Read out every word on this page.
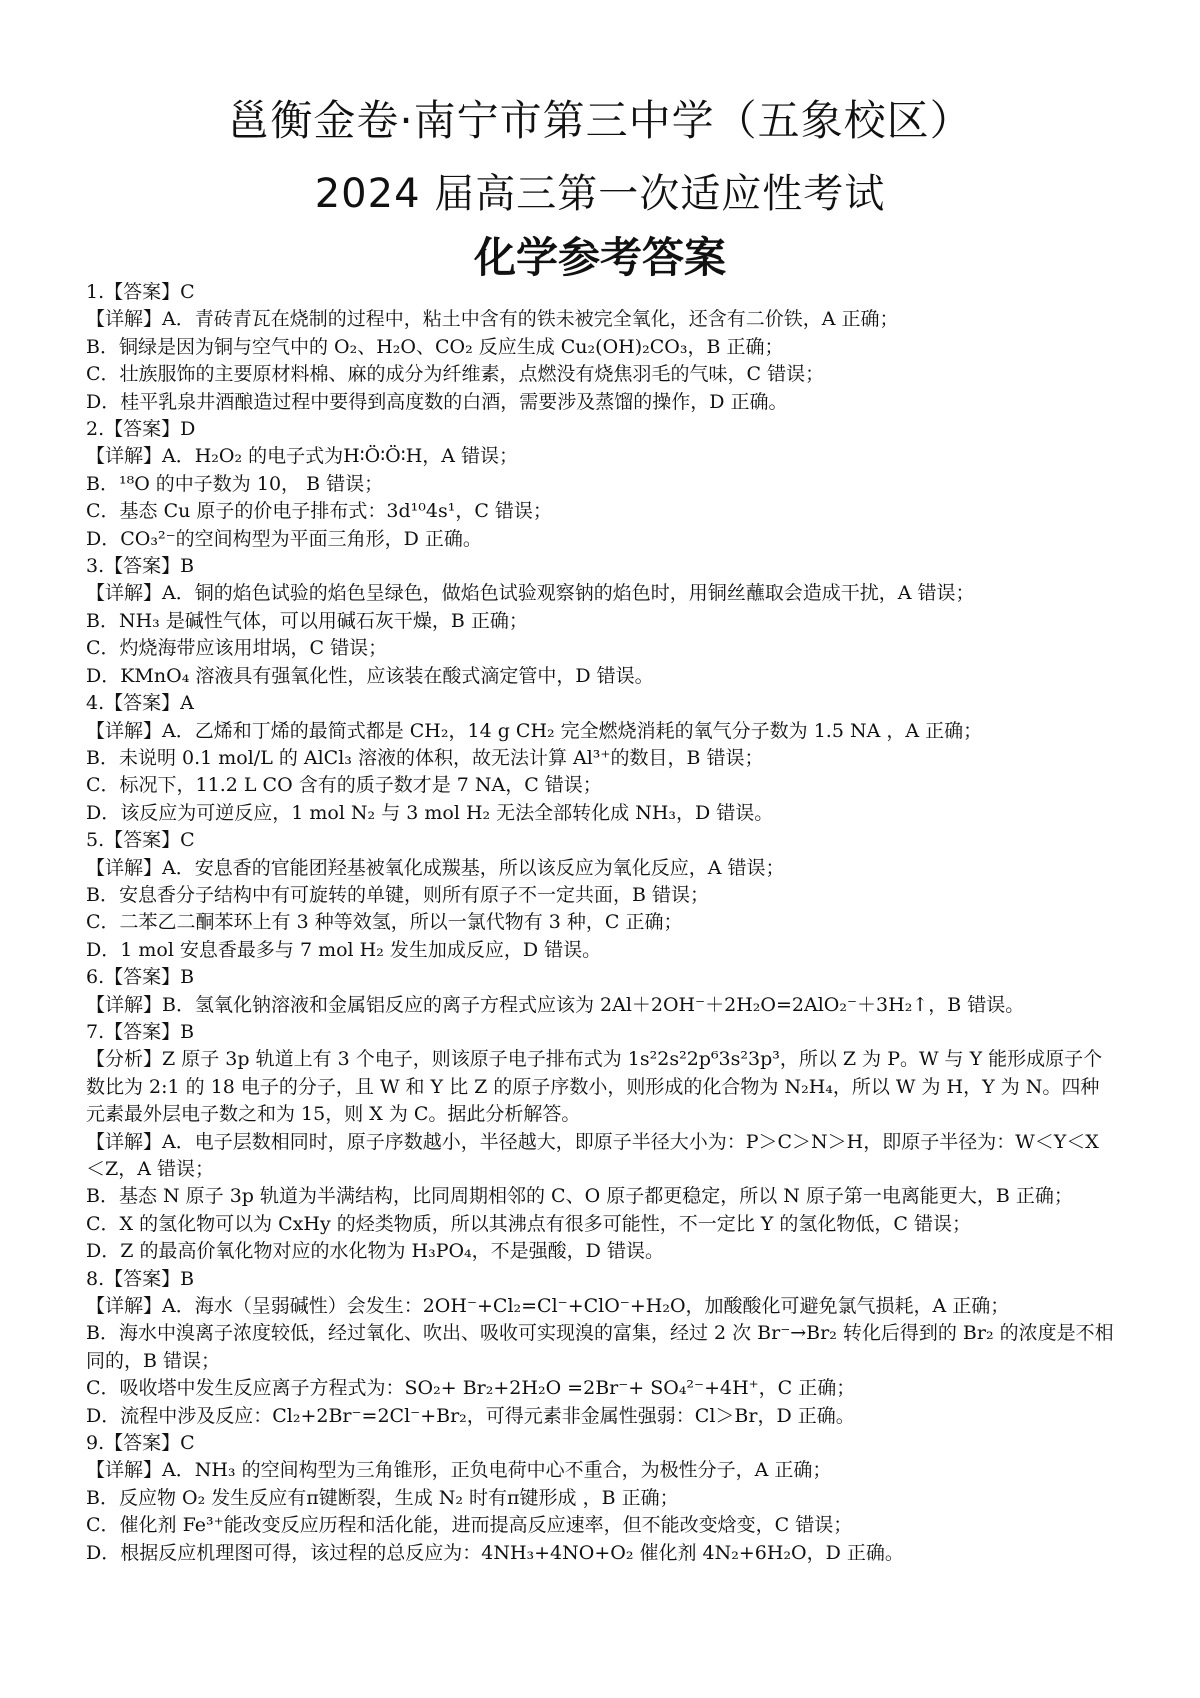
邕衡金卷·南宁市第三中学（五象校区）
2024 届高三第一次适应性考试
化学参考答案
1.【答案】C
【详解】A．青砖青瓦在烧制的过程中，粘土中含有的铁未被完全氧化，还含有二价铁，A 正确；
B．铜绿是因为铜与空气中的 O₂、H₂O、CO₂ 反应生成 Cu₂(OH)₂CO₃，B 正确；
C．壮族服饰的主要原材料棉、麻的成分为纤维素，点燃没有烧焦羽毛的气味，C 错误；
D．桂平乳泉井酒酿造过程中要得到高度数的白酒，需要涉及蒸馏的操作，D 正确。
2.【答案】D
【详解】A．H₂O₂ 的电子式为H∶Ö∶Ö∶H，A 错误；
B．¹⁸O 的中子数为 10， B 错误；
C．基态 Cu 原子的价电子排布式：3d¹⁰4s¹，C 错误；
D．CO₃²⁻的空间构型为平面三角形，D 正确。
3.【答案】B
【详解】A．铜的焰色试验的焰色呈绿色，做焰色试验观察钠的焰色时，用铜丝蘸取会造成干扰，A 错误；
B．NH₃ 是碱性气体，可以用碱石灰干燥，B 正确；
C．灼烧海带应该用坩埚，C 错误；
D．KMnO₄ 溶液具有强氧化性，应该装在酸式滴定管中，D 错误。
4.【答案】A
【详解】A．乙烯和丁烯的最简式都是 CH₂，14 g CH₂ 完全燃烧消耗的氧气分子数为 1.5 NA ，A 正确；
B．未说明 0.1 mol/L 的 AlCl₃ 溶液的体积，故无法计算 Al³⁺的数目，B 错误；
C．标况下，11.2 L CO 含有的质子数才是 7 NA，C 错误；
D．该反应为可逆反应，1 mol N₂ 与 3 mol H₂ 无法全部转化成 NH₃，D 错误。
5.【答案】C
【详解】A．安息香的官能团羟基被氧化成羰基，所以该反应为氧化反应，A 错误；
B．安息香分子结构中有可旋转的单键，则所有原子不一定共面，B 错误；
C．二苯乙二酮苯环上有 3 种等效氢，所以一氯代物有 3 种，C 正确；
D．1 mol 安息香最多与 7 mol H₂ 发生加成反应，D 错误。
6.【答案】B
【详解】B．氢氧化钠溶液和金属铝反应的离子方程式应该为 2Al＋2OH⁻＋2H₂O=2AlO₂⁻＋3H₂↑，B 错误。
7.【答案】B
【分析】Z 原子 3p 轨道上有 3 个电子，则该原子电子排布式为 1s²2s²2p⁶3s²3p³，所以 Z 为 P。W 与 Y 能形成原子个数比为 2:1 的 18 电子的分子，且 W 和 Y 比 Z 的原子序数小，则形成的化合物为 N₂H₄，所以 W 为 H，Y 为 N。四种元素最外层电子数之和为 15，则 X 为 C。据此分析解答。
【详解】A．电子层数相同时，原子序数越小，半径越大，即原子半径大小为：P＞C＞N＞H，即原子半径为：W＜Y＜X＜Z，A 错误；
B．基态 N 原子 3p 轨道为半满结构，比同周期相邻的 C、O 原子都更稳定，所以 N 原子第一电离能更大，B 正确；
C．X 的氢化物可以为 CxHy 的烃类物质，所以其沸点有很多可能性，不一定比 Y 的氢化物低，C 错误；
D．Z 的最高价氧化物对应的水化物为 H₃PO₄，不是强酸，D 错误。
8.【答案】B
【详解】A．海水（呈弱碱性）会发生：2OH⁻+Cl₂=Cl⁻+ClO⁻+H₂O，加酸酸化可避免氯气损耗，A 正确；
B．海水中溴离子浓度较低，经过氧化、吹出、吸收可实现溴的富集，经过 2 次 Br⁻→Br₂ 转化后得到的 Br₂ 的浓度是不相同的，B 错误；
C．吸收塔中发生反应离子方程式为：SO₂+ Br₂+2H₂O =2Br⁻+ SO₄²⁻+4H⁺，C 正确；
D．流程中涉及反应：Cl₂+2Br⁻=2Cl⁻+Br₂，可得元素非金属性强弱：Cl＞Br，D 正确。
9.【答案】C
【详解】A．NH₃ 的空间构型为三角锥形，正负电荷中心不重合，为极性分子，A 正确；
B．反应物 O₂ 发生反应有π键断裂，生成 N₂ 时有π键形成 ，B 正确；
C．催化剂 Fe³⁺能改变反应历程和活化能，进而提高反应速率，但不能改变焓变，C 错误；
D．根据反应机理图可得，该过程的总反应为：4NH₃+4NO+O₂ 催化剂 4N₂+6H₂O，D 正确。
